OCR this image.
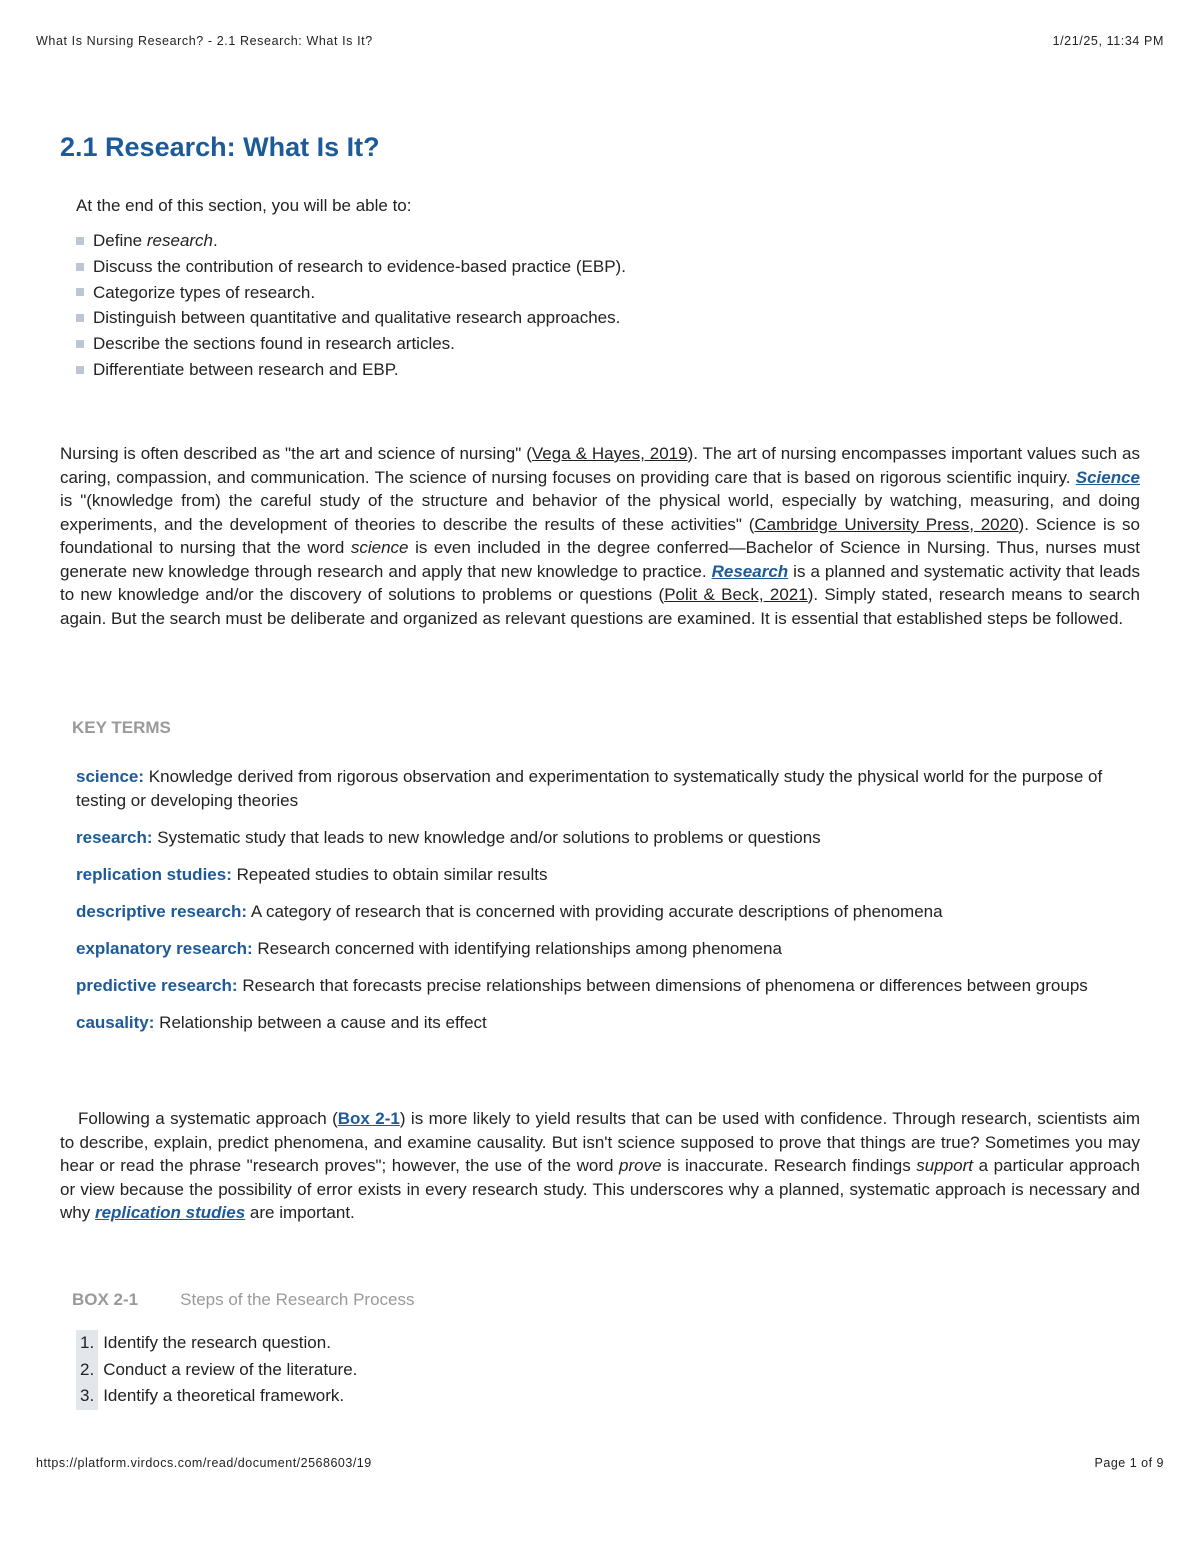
What Is Nursing Research? - 2.1 Research: What Is It?	1/21/25, 11:34 PM
2.1 Research: What Is It?
At the end of this section, you will be able to:
Define research.
Discuss the contribution of research to evidence-based practice (EBP).
Categorize types of research.
Distinguish between quantitative and qualitative research approaches.
Describe the sections found in research articles.
Differentiate between research and EBP.

Nursing is often described as "the art and science of nursing" (Vega & Hayes, 2019). The art of nursing encompasses important values such as caring, compassion, and communication. The science of nursing focuses on providing care that is based on rigorous scientific inquiry. Science is "(knowledge from) the careful study of the structure and behavior of the physical world, especially by watching, measuring, and doing experiments, and the development of theories to describe the results of these activities" (Cambridge University Press, 2020). Science is so foundational to nursing that the word science is even included in the degree conferred—Bachelor of Science in Nursing. Thus, nurses must generate new knowledge through research and apply that new knowledge to practice. Research is a planned and systematic activity that leads to new knowledge and/or the discovery of solutions to problems or questions (Polit & Beck, 2021). Simply stated, research means to search again. But the search must be deliberate and organized as relevant questions are examined. It is essential that established steps be followed.

KEY TERMS
science: Knowledge derived from rigorous observation and experimentation to systematically study the physical world for the purpose of testing or developing theories
research: Systematic study that leads to new knowledge and/or solutions to problems or questions
replication studies: Repeated studies to obtain similar results
descriptive research: A category of research that is concerned with providing accurate descriptions of phenomena
explanatory research: Research concerned with identifying relationships among phenomena
predictive research: Research that forecasts precise relationships between dimensions of phenomena or differences between groups
causality: Relationship between a cause and its effect

Following a systematic approach (Box 2-1) is more likely to yield results that can be used with confidence. Through research, scientists aim to describe, explain, predict phenomena, and examine causality. But isn't science supposed to prove that things are true? Sometimes you may hear or read the phrase "research proves"; however, the use of the word prove is inaccurate. Research findings support a particular approach or view because the possibility of error exists in every research study. This underscores why a planned, systematic approach is necessary and why replication studies are important.

BOX 2-1 Steps of the Research Process
1. Identify the research question.
2. Conduct a review of the literature.
3. Identify a theoretical framework.
https://platform.virdocs.com/read/document/2568603/19	Page 1 of 9
